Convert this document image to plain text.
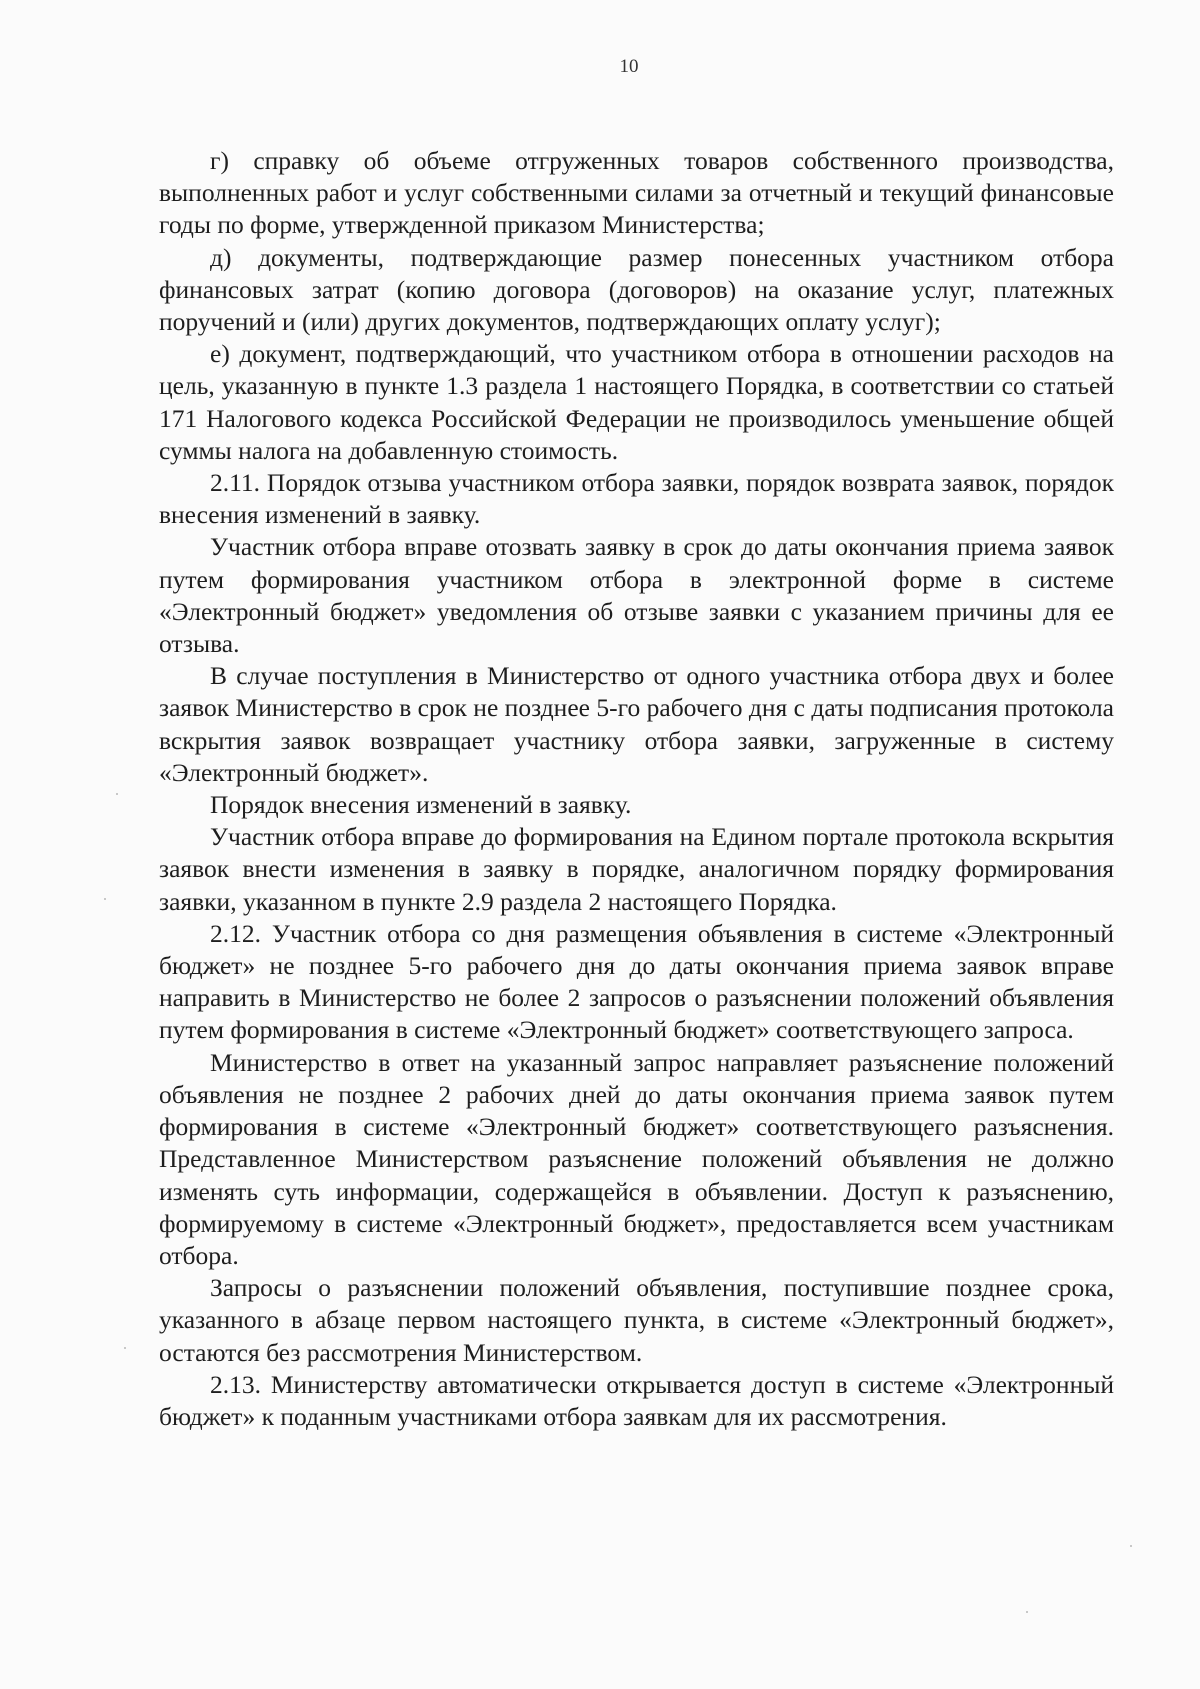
10

г) справку об объеме отгруженных товаров собственного производства, выполненных работ и услуг собственными силами за отчетный и текущий финансовые годы по форме, утвержденной приказом Министерства;

д) документы, подтверждающие размер понесенных участником отбора финансовых затрат (копию договора (договоров) на оказание услуг, платежных поручений и (или) других документов, подтверждающих оплату услуг);

е) документ, подтверждающий, что участником отбора в отношении расходов на цель, указанную в пункте 1.3 раздела 1 настоящего Порядка, в соответствии со статьей 171 Налогового кодекса Российской Федерации не производилось уменьшение общей суммы налога на добавленную стоимость.

2.11. Порядок отзыва участником отбора заявки, порядок возврата заявок, порядок внесения изменений в заявку.

Участник отбора вправе отозвать заявку в срок до даты окончания приема заявок путем формирования участником отбора в электронной форме в системе «Электронный бюджет» уведомления об отзыве заявки с указанием причины для ее отзыва.

В случае поступления в Министерство от одного участника отбора двух и более заявок Министерство в срок не позднее 5-го рабочего дня с даты подписания протокола вскрытия заявок возвращает участнику отбора заявки, загруженные в систему «Электронный бюджет».

Порядок внесения изменений в заявку.

Участник отбора вправе до формирования на Едином портале протокола вскрытия заявок внести изменения в заявку в порядке, аналогичном порядку формирования заявки, указанном в пункте 2.9 раздела 2 настоящего Порядка.

2.12. Участник отбора со дня размещения объявления в системе «Электронный бюджет» не позднее 5-го рабочего дня до даты окончания приема заявок вправе направить в Министерство не более 2 запросов о разъяснении положений объявления путем формирования в системе «Электронный бюджет» соответствующего запроса.

Министерство в ответ на указанный запрос направляет разъяснение положений объявления не позднее 2 рабочих дней до даты окончания приема заявок путем формирования в системе «Электронный бюджет» соответствующего разъяснения. Представленное Министерством разъяснение положений объявления не должно изменять суть информации, содержащейся в объявлении. Доступ к разъяснению, формируемому в системе «Электронный бюджет», предоставляется всем участникам отбора.

Запросы о разъяснении положений объявления, поступившие позднее срока, указанного в абзаце первом настоящего пункта, в системе «Электронный бюджет», остаются без рассмотрения Министерством.

2.13. Министерству автоматически открывается доступ в системе «Электронный бюджет» к поданным участниками отбора заявкам для их рассмотрения.
